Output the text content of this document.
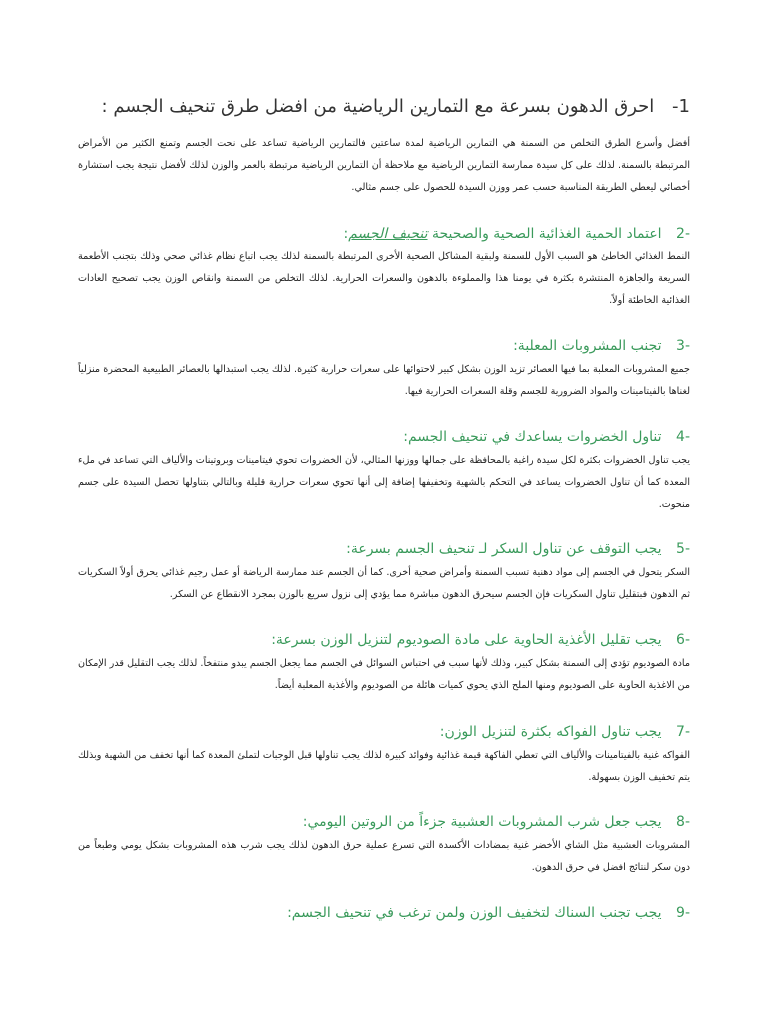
1- احرق الدهون بسرعة مع التمارين الرياضية من افضل طرق تنحيف الجسم :

أفضل وأسرع الطرق التخلص من السمنة هي التمارين الرياضية لمدة ساعتين فالتمارين الرياضية تساعد على نحت الجسم وتمنع الكثير من الأمراض المرتبطة بالسمنة. لذلك على كل سيدة ممارسة التمارين الرياضية مع ملاحظة أن التمارين الرياضية مرتبطة بالعمر والوزن لذلك لأفضل نتيجة يجب استشارة أخصائي ليعطي الطريقة المناسبة حسب عمر ووزن السيدة للحصول على جسم مثالي.

-2 اعتماد الحمية الغذائية الصحية والصحيحة تنحيف الجسم:

النمط الغذائي الخاطئ هو السبب الأول للسمنة ولبقية المشاكل الصحية الأخرى المرتبطة بالسمنة لذلك يجب اتباع نظام غذائي صحي وذلك بتجنب الأطعمة السريعة والجاهزة المنتشرة بكثرة في يومنا هذا والمملوءة بالدهون والسعرات الحرارية. لذلك التخلص من السمنة وانقاص الوزن يجب تصحيح العادات الغذائية الخاطئة أولاً.

-3 تجنب المشروبات المعلبة:

جميع المشروبات المعلبة بما فيها العصائر تزيد الوزن بشكل كبير لاحتوائها على سعرات حرارية كثيرة. لذلك يجب استبدالها بالعصائر الطبيعية المحضرة منزلياً لغناها بالفيتامينات والمواد الضرورية للجسم وقلة السعرات الحرارية فيها.

-4 تناول الخضروات يساعدك في تنحيف الجسم:

يجب تناول الخضروات بكثرة لكل سيدة راغبة بالمحافظة على جمالها ووزنها المثالي، لأن الخضروات تحوي فيتامينات وبروتينات والألياف التي تساعد في ملء المعدة كما أن تناول الخضروات يساعد في التحكم بالشهية وتخفيفها إضافة إلى أنها تحوي سعرات حرارية قليلة وبالتالي بتناولها تحصل السيدة على جسم منحوت.

-5 يجب التوقف عن تناول السكر لـ تنحيف الجسم بسرعة:

السكر يتحول في الجسم إلى مواد دهنية تسبب السمنة وأمراض صحية أخرى. كما أن الجسم عند ممارسة الرياضة أو عمل رجيم غذائي يحرق أولاً السكريات ثم الدهون فبتقليل تناول السكريات فإن الجسم سيحرق الدهون مباشرة مما يؤدي إلى نزول سريع بالوزن بمجرد الانقطاع عن السكر.

-6 يجب تقليل الأغذية الحاوية على مادة الصوديوم لتنزيل الوزن بسرعة:

مادة الصوديوم تؤدي إلى السمنة بشكل كبير، وذلك لأنها سبب في احتباس السوائل في الجسم مما يجعل الجسم يبدو منتفخاً. لذلك يجب التقليل قدر الإمكان من الاغذية الحاوية على الصوديوم ومنها الملح الذي يحوي كميات هائلة من الصوديوم والأغذية المعلبة أيضاً.

-7 يجب تناول الفواكه بكثرة لتنزيل الوزن:

الفواكه غنية بالفيتامينات والألياف التي تعطي الفاكهة قيمة غذائية وفوائد كبيرة لذلك يجب تناولها قبل الوجبات لتملئ المعدة كما أنها تخفف من الشهية وبذلك يتم تخفيف الوزن بسهولة.

-8 يجب جعل شرب المشروبات العشبية جزءاً من الروتين اليومي:

المشروبات العشبية مثل الشاي الأخضر غنية بمضادات الأكسدة التي تسرع عملية حرق الدهون لذلك يجب شرب هذه المشروبات بشكل يومي وطبعاً من دون سكر لنتائج افضل في حرق الدهون.

-9 يجب تجنب السناك لتخفيف الوزن ولمن ترغب في تنحيف الجسم:
